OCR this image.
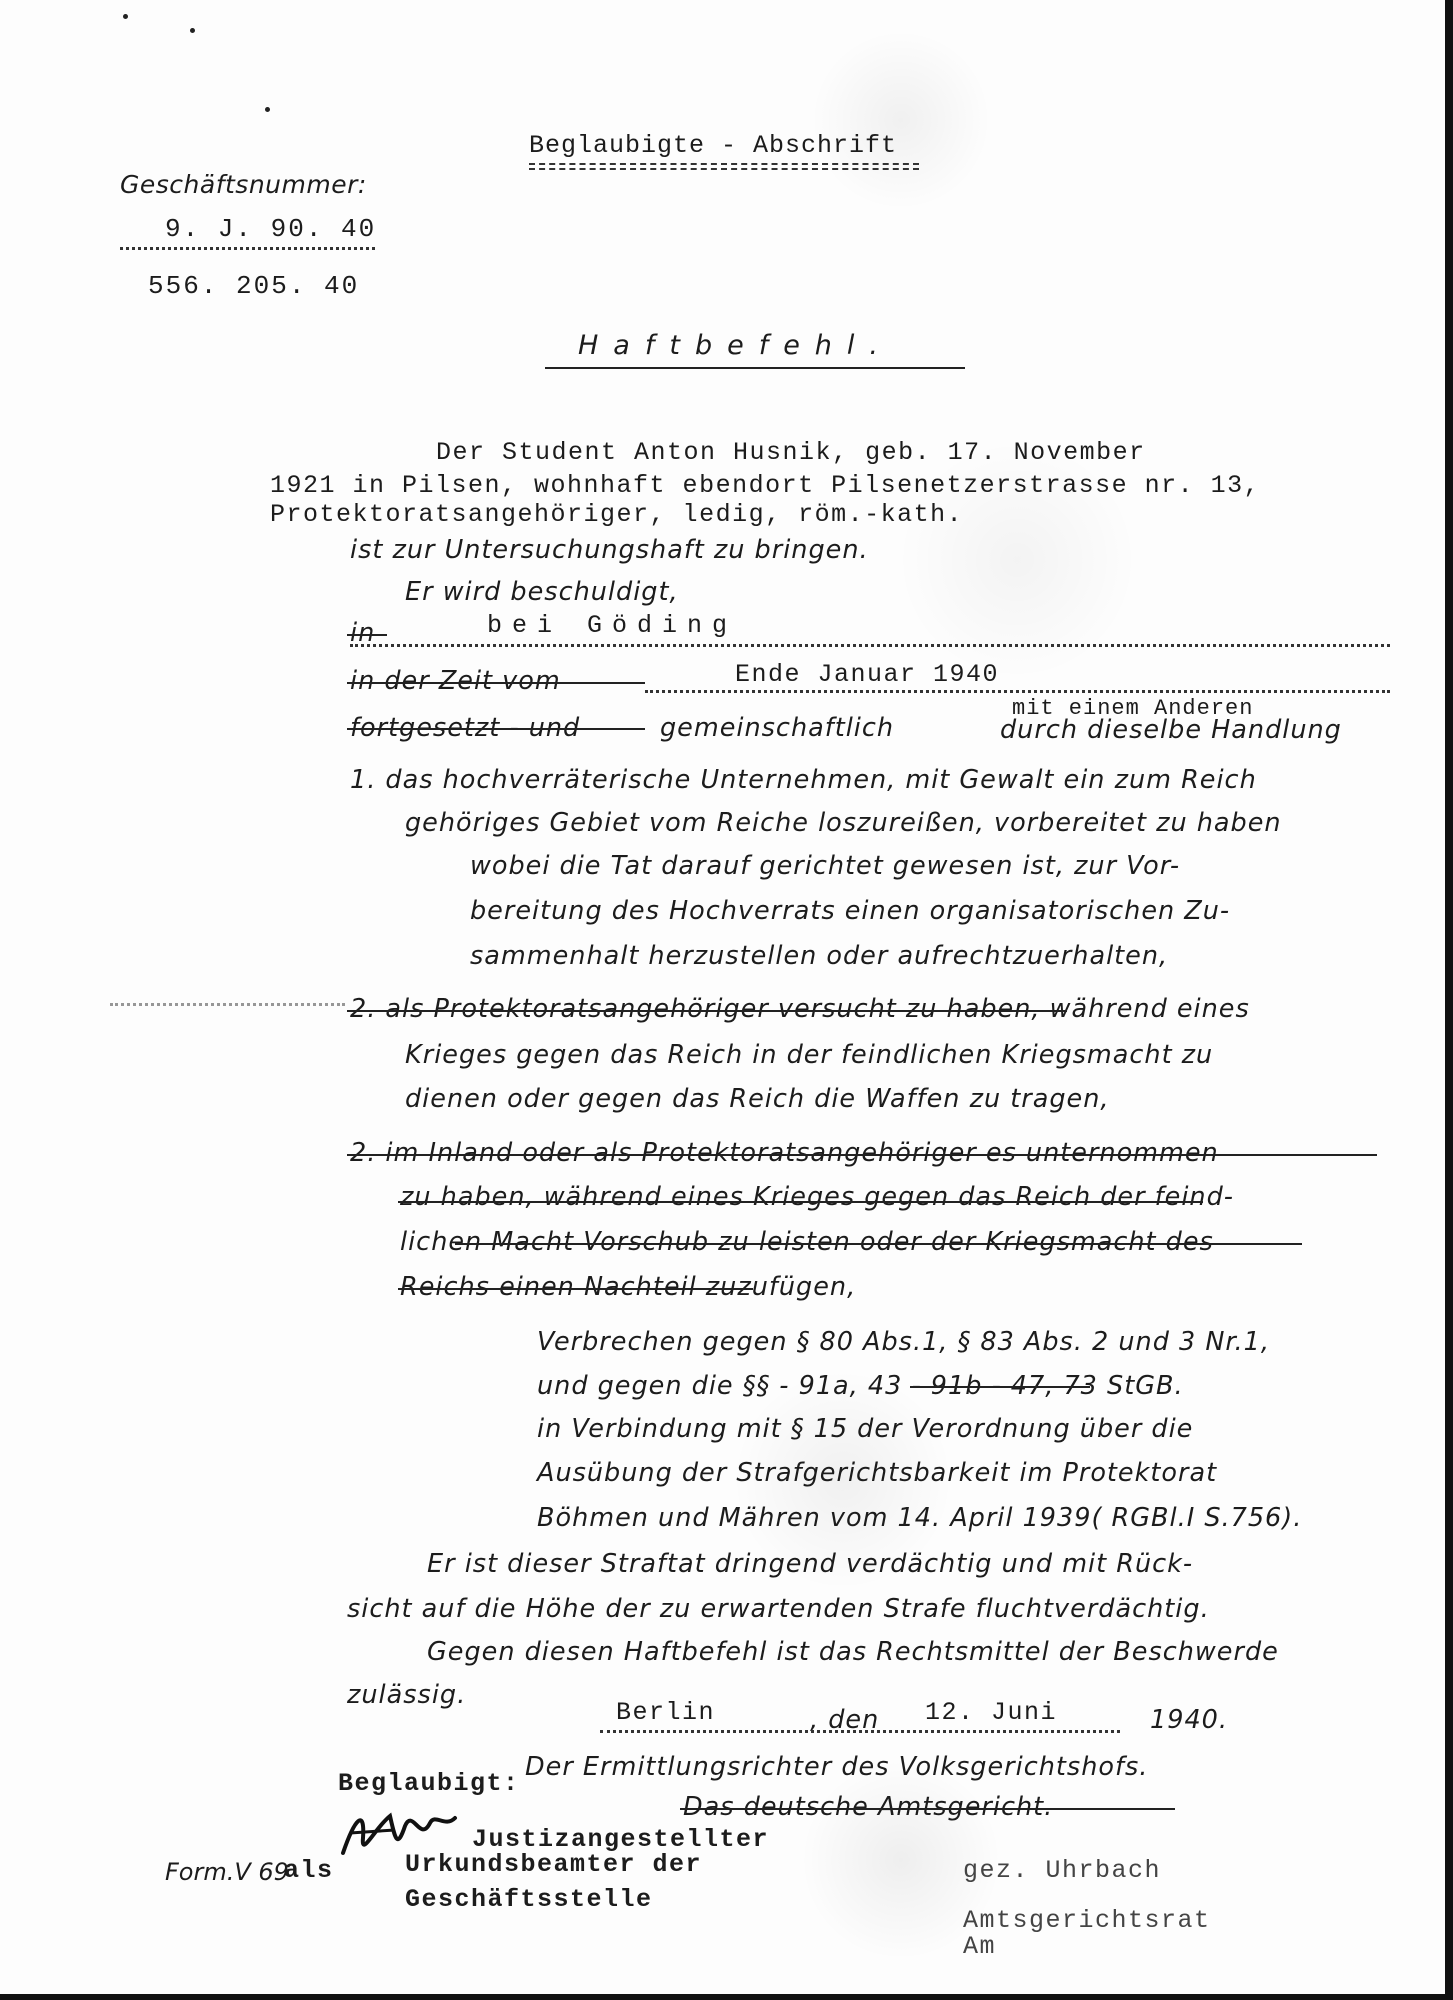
Beglaubigte - Abschrift
Geschäftsnummer:
9. J. 90. 40
556. 205. 40
Haftbefehl.
Der Student Anton Husnik, geb. 17. November
1921 in Pilsen, wohnhaft ebendort Pilsenetzerstrasse nr. 13,
Protektoratsangehöriger, ledig, röm.-kath.
ist zur Untersuchungshaft zu bringen.
Er wird beschuldigt,
in	bei Göding
in der Zeit vom	Ende Januar 1940
fortgesetzt - und	gemeinschaftlich
mit einem Anderen
durch dieselbe Handlung
1. das hochverräterische Unternehmen, mit Gewalt ein zum Reich
gehöriges Gebiet vom Reiche loszureißen, vorbereitet zu haben
wobei die Tat darauf gerichtet gewesen ist, zur Vor-
bereitung des Hochverrats einen organisatorischen Zu-
sammenhalt herzustellen oder aufrechtzuerhalten,
2. als Protektoratsangehöriger versucht zu haben, während eines
Krieges gegen das Reich in der feindlichen Kriegsmacht zu
dienen oder gegen das Reich die Waffen zu tragen,
2. im Inland oder als Protektoratsangehöriger es unternommen
zu haben, während eines Krieges gegen das Reich der feind-
lichen Macht Vorschub zu leisten oder der Kriegsmacht des
Reichs einen Nachteil zuzufügen,
Verbrechen gegen § 80 Abs.1, § 83 Abs. 2 und 3 Nr.1,
und gegen die §§ - 91a, 43 - 91b - 47, 73 StGB.
in Verbindung mit § 15 der Verordnung über die
Ausübung der Strafgerichtsbarkeit im Protektorat
Böhmen und Mähren vom 14. April 1939( RGBl.I S.756).
Er ist dieser Straftat dringend verdächtig und mit Rück-
sicht auf die Höhe der zu erwartenden Strafe fluchtverdächtig.
Gegen diesen Haftbefehl ist das Rechtsmittel der Beschwerde
zulässig.
Berlin	, den 12. Juni	1940.
Der Ermittlungsrichter des Volksgerichtshofs.
Beglaubigt:
Das deutsche Amtsgericht.
Justizangestellter
Form.V 69
als	Urkundsbeamter der
Geschäftsstelle
gez. Uhrbach
Amtsgerichtsrat
Am
